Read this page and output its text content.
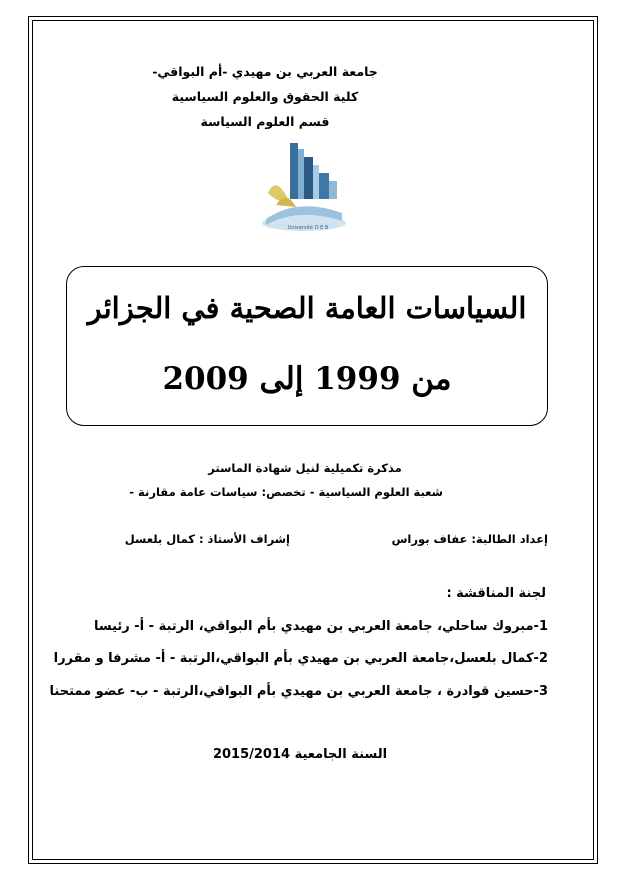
جامعة العربي بن مهيدي -أم البواقي-
كلية الحقوق والعلوم السياسية
قسم العلوم السياسة
Université O E B
السياسات العامة الصحية في الجزائر
من 1999 إلى 2009
مذكرة تكميلية لنيل شهادة الماستر
شعبة العلوم السياسية - تخصص: سياسات عامة مقارنة -
إعداد الطالبة: عفاف بوراس
إشراف الأستاذ : كمال بلعسل
لجنة المناقشة :
1-مبروك ساحلي، جامعة العربي بن مهيدي بأم البواقي، الرتبة - أ- رئيسا
2-كمال بلعسل،جامعة العربي بن مهيدي بأم البواقي،الرتبة - أ- مشرفا و مقررا
3-حسين قوادرة ، جامعة العربي بن مهيدي بأم البواقي،الرتبة - ب- عضو ممتحنا
السنة الجامعية 2015/2014
